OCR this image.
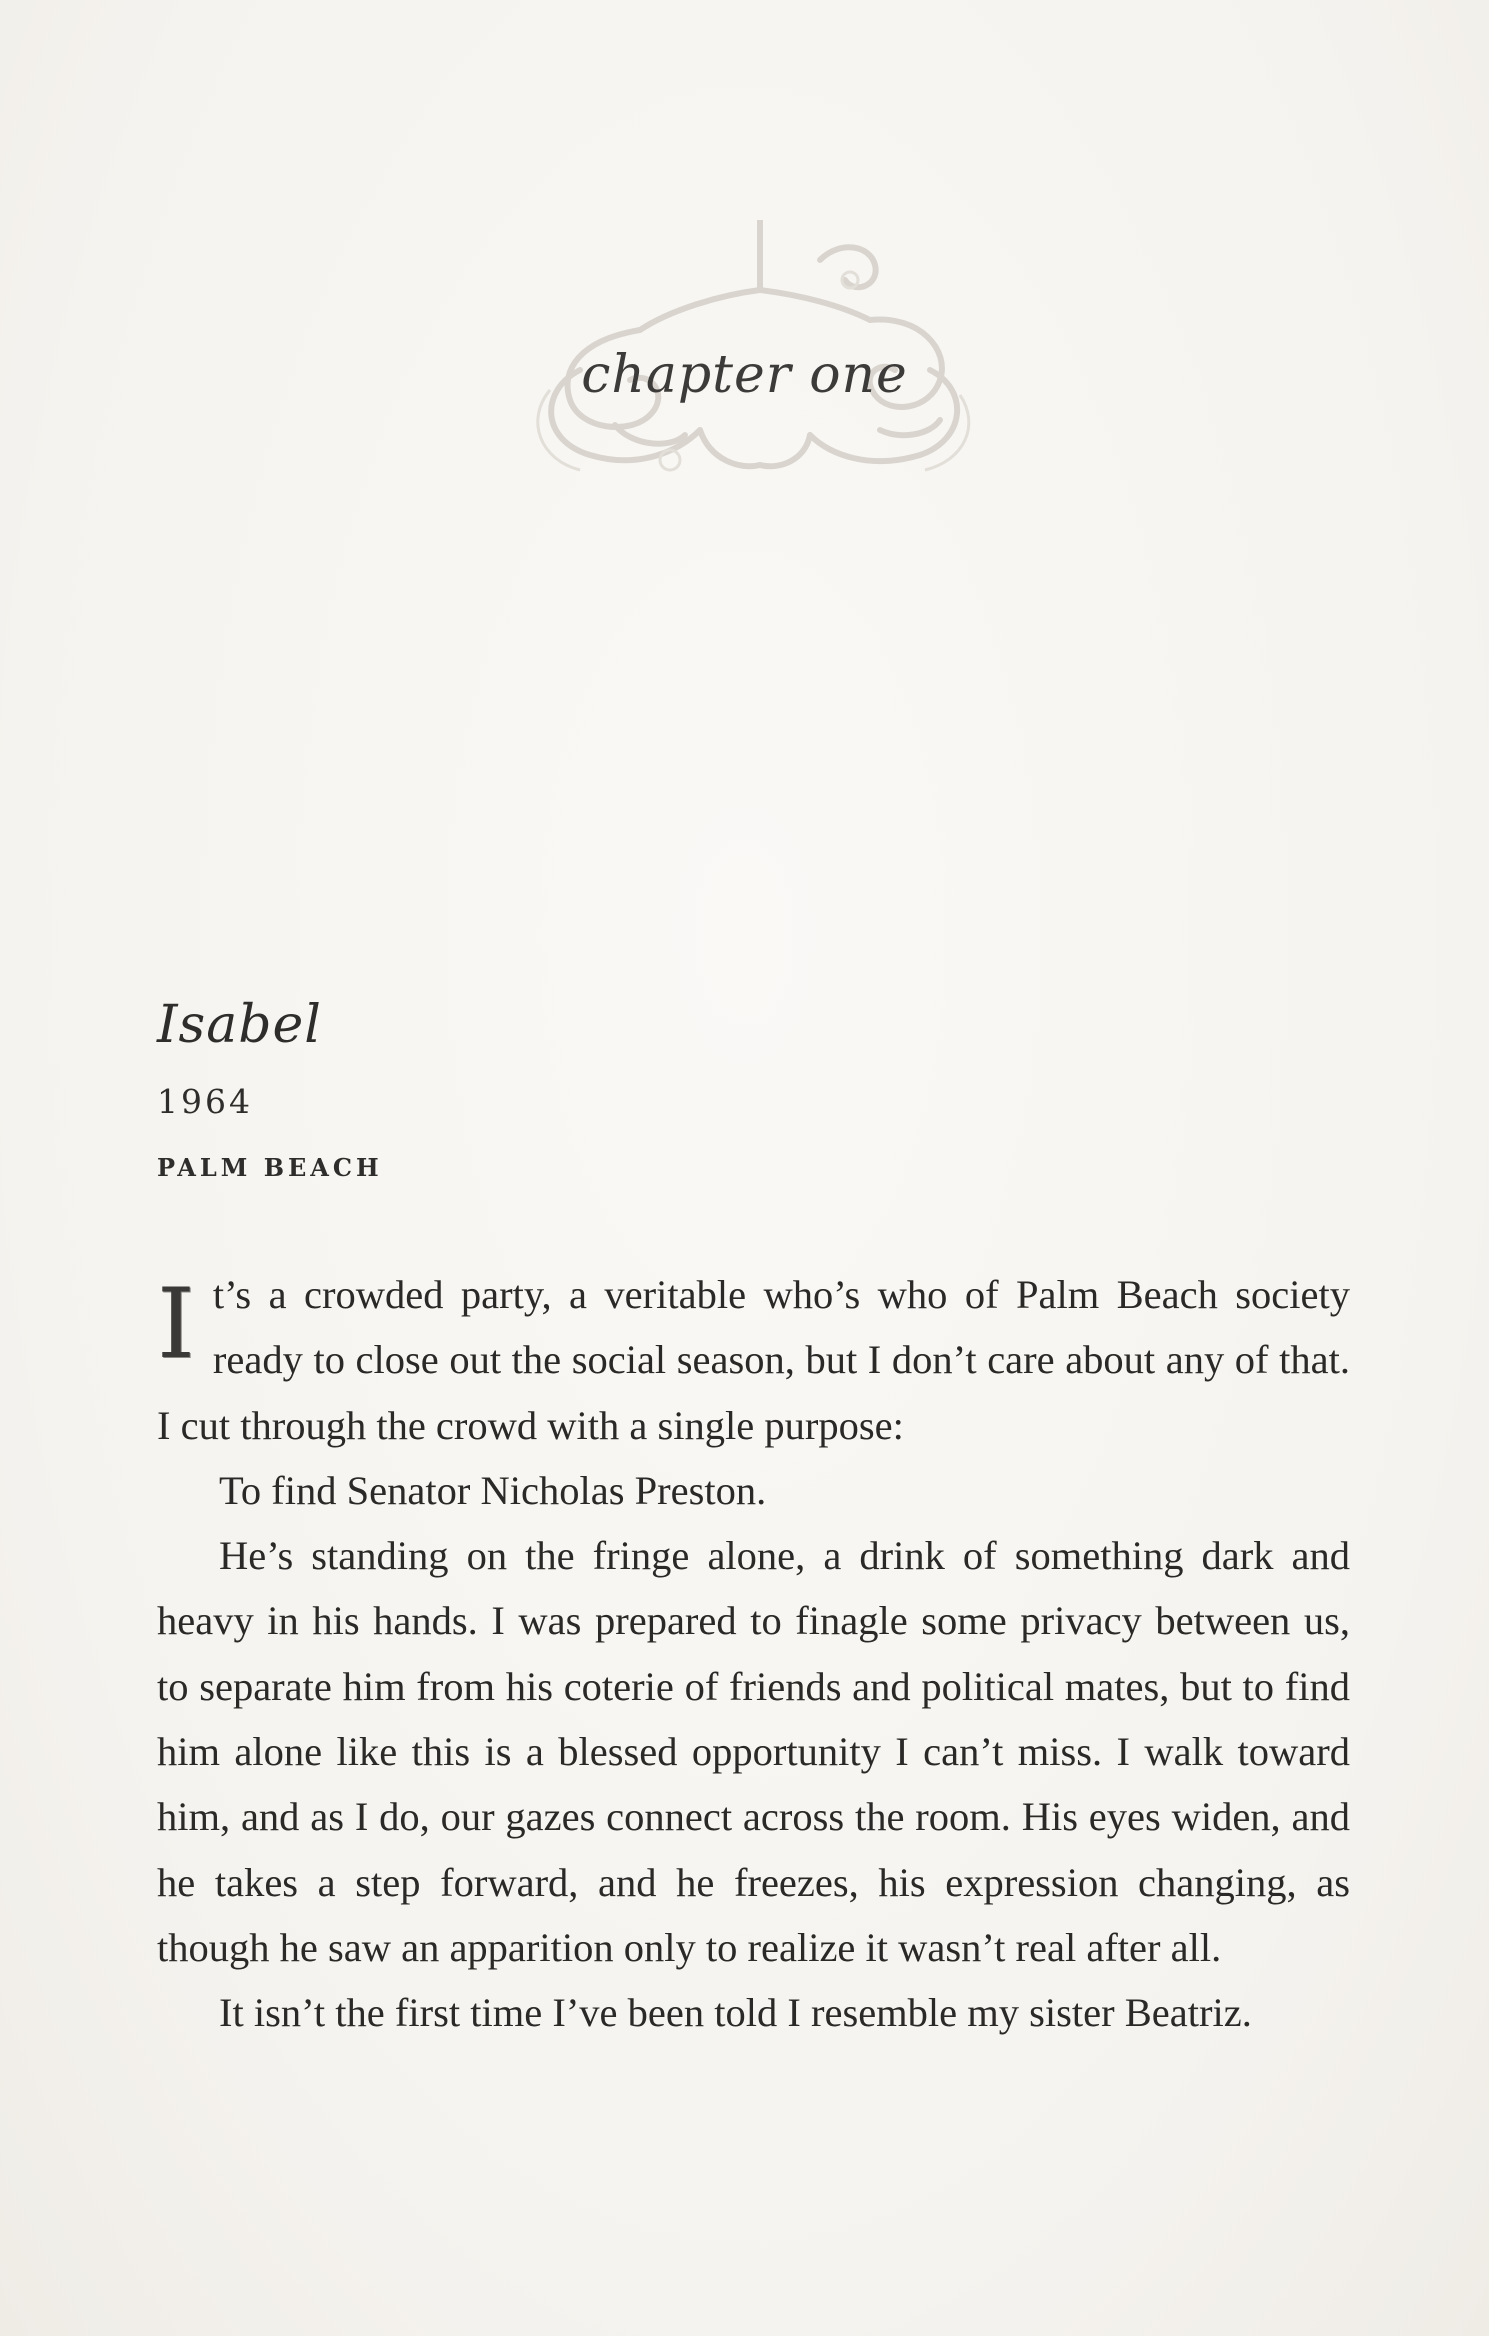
chapter one
Isabel
1964
PALM BEACH
I t’s a crowded party, a veritable who’s who of Palm Beach society ready to close out the social season, but I don’t care about any of that. I cut through the crowd with a single purpose:

To find Senator Nicholas Preston.

He’s standing on the fringe alone, a drink of something dark and heavy in his hands. I was prepared to finagle some privacy between us, to separate him from his coterie of friends and political mates, but to find him alone like this is a blessed opportunity I can’t miss. I walk toward him, and as I do, our gazes connect across the room. His eyes widen, and he takes a step forward, and he freezes, his expression changing, as though he saw an apparition only to realize it wasn’t real after all.

It isn’t the first time I’ve been told I resemble my sister Beatriz.
